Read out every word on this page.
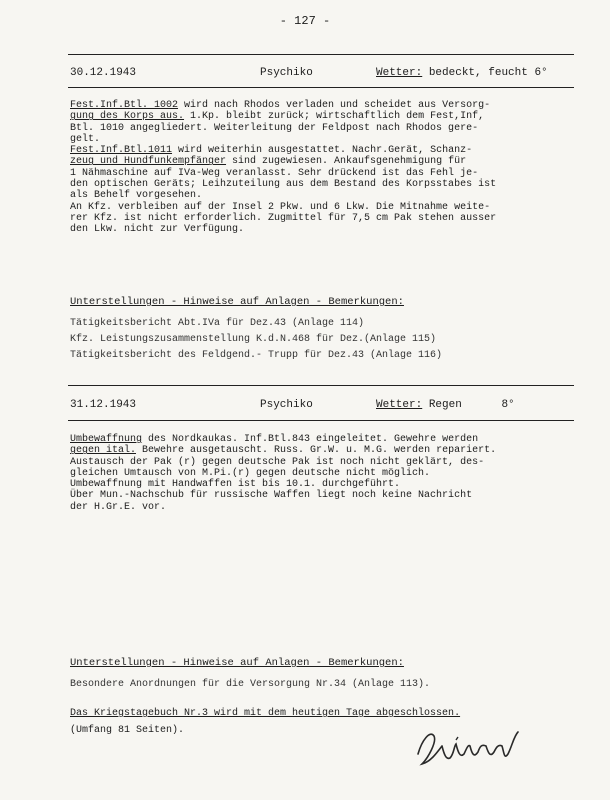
- 127 -
30.12.1943	Psychiko	Wetter: bedeckt, feucht 6°
Fest.Inf.Btl. 1002 wird nach Rhodos verladen und scheidet aus Versorg-
gung des Korps aus. 1.Kp. bleibt zurück; wirtschaftlich dem Fest,Inf,
Btl. 1010 angegliedert. Weiterleitung der Feldpost nach Rhodos gere-
gelt.
Fest.Inf.Btl.1011 wird weiterhin ausgestattet. Nachr.Gerät, Schanz-
zeug und Hundfunkempfänger sind zugewiesen. Ankaufsgenehmigung für
1 Nähmaschine auf IVa-Weg veranlasst. Sehr drückend ist das Fehl je-
den optischen Geräts; Leihzuteilung aus dem Bestand des Korpsstabes ist
als Behelf vorgesehen.
An Kfz. verbleiben auf der Insel 2 Pkw. und 6 Lkw. Die Mitnahme weite-
rer Kfz. ist nicht erforderlich. Zugmittel für 7,5 cm Pak stehen ausser
den Lkw. nicht zur Verfügung.
Unterstellungen - Hinweise auf Anlagen - Bemerkungen:
Tätigkeitsbericht Abt.IVa für Dez.43 (Anlage 114)
Kfz. Leistungszusammenstellung K.d.N.468 für Dez.(Anlage 115)
Tätigkeitsbericht des Feldgend.- Trupp für Dez.43 (Anlage 116)
31.12.1943	Psychiko	Wetter: Regen      8°
Umbewaffnung des Nordkaukas. Inf.Btl.843 eingeleitet. Gewehre werden
gegen ital. Bewehre ausgetauscht. Russ. Gr.W. u. M.G. werden repariert.
Austausch der Pak (r) gegen deutsche Pak ist noch nicht geklärt, des-
gleichen Umtausch von M.Pi.(r) gegen deutsche nicht möglich.
Umbewaffnung mit Handwaffen ist bis 10.1. durchgeführt.
Über Mun.-Nachschub für russische Waffen liegt noch keine Nachricht
der H.Gr.E. vor.
Unterstellungen - Hinweise auf Anlagen - Bemerkungen:
Besondere Anordnungen für die Versorgung Nr.34 (Anlage 113).
Das Kriegstagebuch Nr.3 wird mit dem heutigen Tage abgeschlossen.
(Umfang 81 Seiten).
